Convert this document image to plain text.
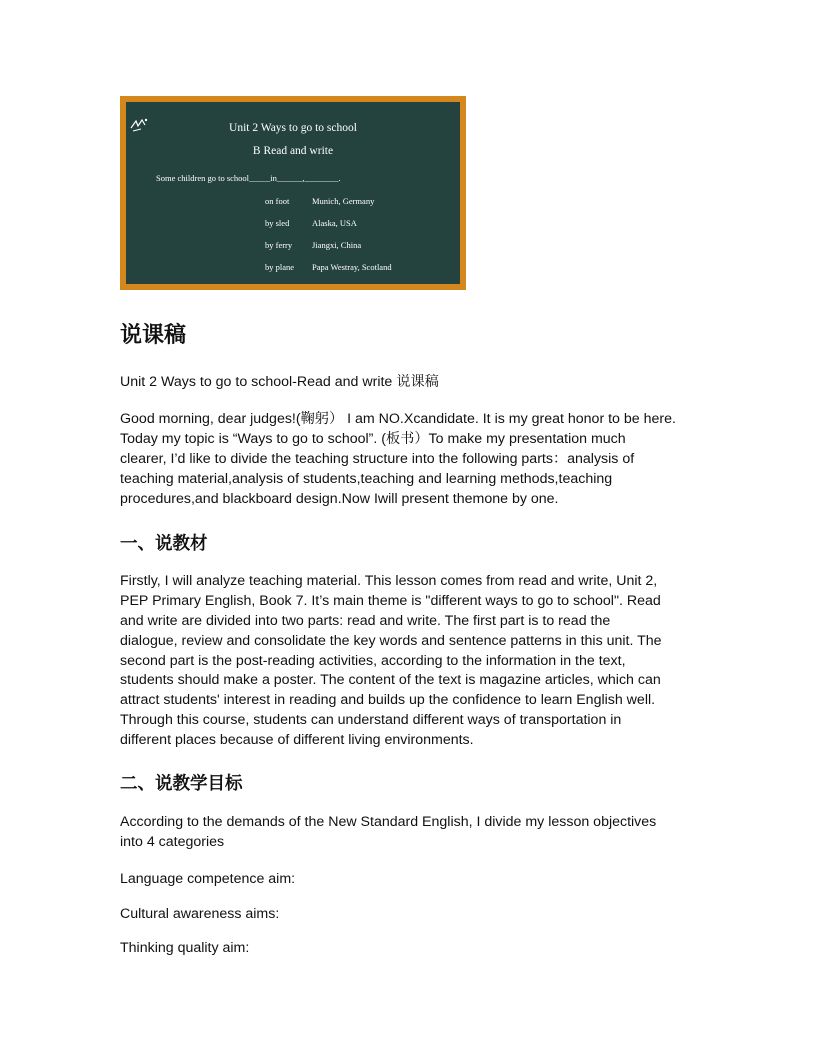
Unit 2 Ways to go to school
B Read and write
Some children go to school_____in______,________.
on foot	Munich, Germany
by sled	Alaska, USA
by ferry Jiangxi, China
by plane Papa Westray, Scotland
说课稿

Unit 2 Ways to go to school-Read and write 说课稿

Good morning, dear judges!(鞠躬） I am NO.Xcandidate. It is my great honor to be here.

Today my topic is “Ways to go to school”. (板书）To make my presentation much

clearer, I’d like to divide the teaching structure into the following parts：analysis of

teaching material,analysis of students,teaching and learning methods,teaching

procedures,and blackboard design.Now Iwill present themone by one.

一、说教材

Firstly, I will analyze teaching material. This lesson comes from read and write, Unit 2,

PEP Primary English, Book 7. It’s main theme is "different ways to go to school". Read

and write are divided into two parts: read and write. The first part is to read the

dialogue, review and consolidate the key words and sentence patterns in this unit. The

second part is the post-reading activities, according to the information in the text,

students should make a poster. The content of the text is magazine articles, which can

attract students' interest in reading and builds up the confidence to learn English well.

Through this course, students can understand different ways of transportation in

different places because of different living environments.

二、说教学目标

According to the demands of the New Standard English, I divide my lesson objectives

into 4 categories

Language competence aim:

Cultural awareness aims:

Thinking quality aim:
